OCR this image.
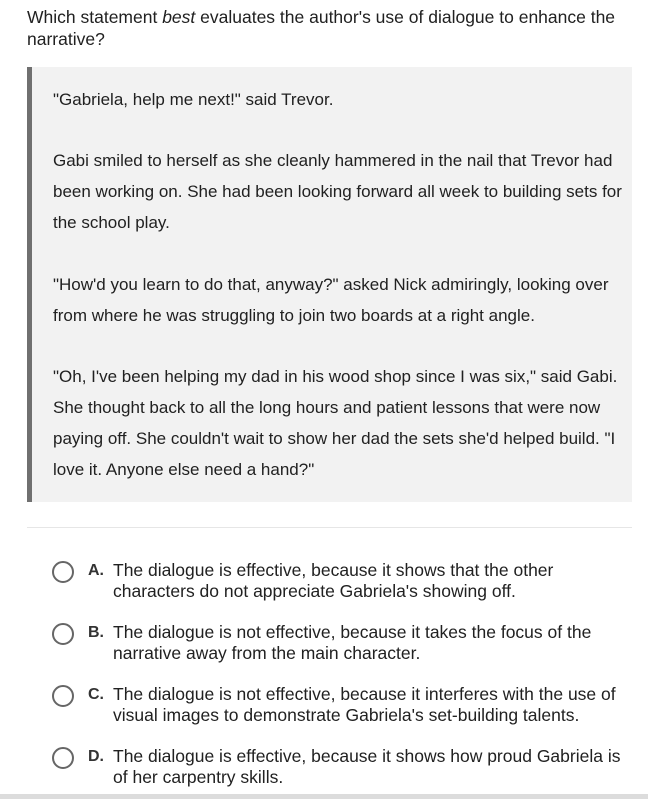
Which statement best evaluates the author's use of dialogue to enhance the narrative?

"Gabriela, help me next!" said Trevor.

Gabi smiled to herself as she cleanly hammered in the nail that Trevor had been working on. She had been looking forward all week to building sets for the school play.

"How'd you learn to do that, anyway?" asked Nick admiringly, looking over from where he was struggling to join two boards at a right angle.

"Oh, I've been helping my dad in his wood shop since I was six," said Gabi. She thought back to all the long hours and patient lessons that were now paying off. She couldn't wait to show her dad the sets she'd helped build. "I love it. Anyone else need a hand?"

A. The dialogue is effective, because it shows that the other characters do not appreciate Gabriela's showing off.
B. The dialogue is not effective, because it takes the focus of the narrative away from the main character.
C. The dialogue is not effective, because it interferes with the use of visual images to demonstrate Gabriela's set-building talents.
D. The dialogue is effective, because it shows how proud Gabriela is of her carpentry skills.
